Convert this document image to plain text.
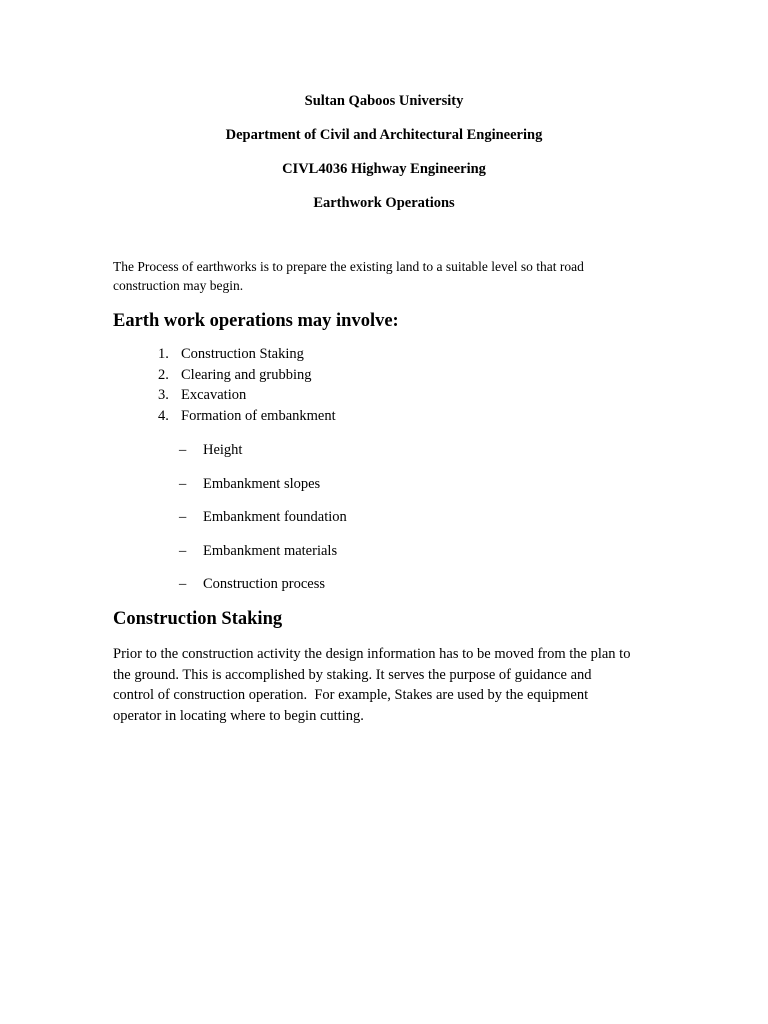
Sultan Qaboos University
Department of Civil and Architectural Engineering
CIVL4036 Highway Engineering
Earthwork Operations
The Process of earthworks is to prepare the existing land to a suitable level so that road
construction may begin.
Earth work operations may involve:
1. Construction Staking
2. Clearing and grubbing
3. Excavation
4. Formation of embankment
– Height
– Embankment slopes
– Embankment foundation
– Embankment materials
– Construction process
Construction Staking
Prior to the construction activity the design information has to be moved from the plan to
the ground. This is accomplished by staking. It serves the purpose of guidance and
control of construction operation.  For example, Stakes are used by the equipment
operator in locating where to begin cutting.
